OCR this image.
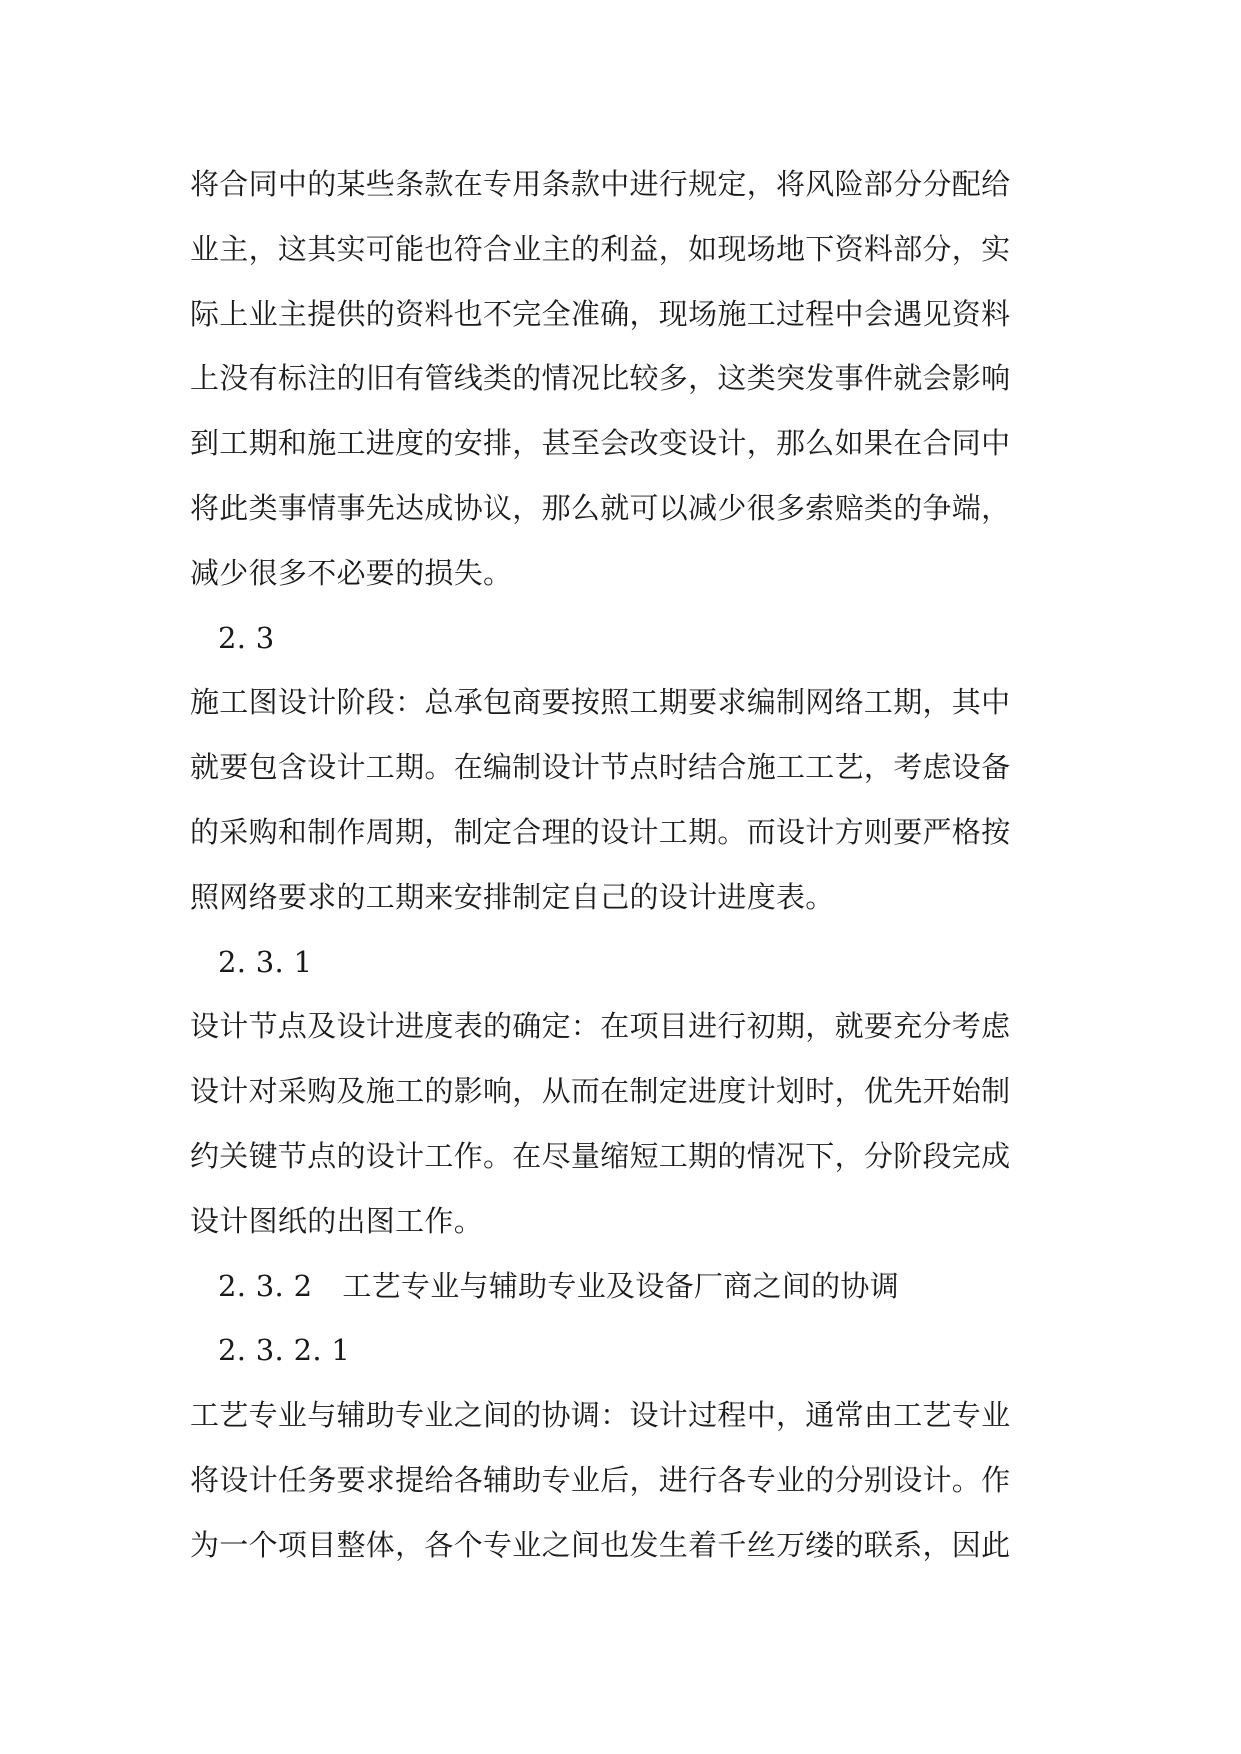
将合同中的某些条款在专用条款中进行规定，将风险部分分配给
业主，这其实可能也符合业主的利益，如现场地下资料部分，实
际上业主提供的资料也不完全准确，现场施工过程中会遇见资料
上没有标注的旧有管线类的情况比较多，这类突发事件就会影响
到工期和施工进度的安排，甚至会改变设计，那么如果在合同中
将此类事情事先达成协议，那么就可以减少很多索赔类的争端，
减少很多不必要的损失。
2. 3
施工图设计阶段：总承包商要按照工期要求编制网络工期，其中
就要包含设计工期。在编制设计节点时结合施工工艺，考虑设备
的采购和制作周期，制定合理的设计工期。而设计方则要严格按
照网络要求的工期来安排制定自己的设计进度表。
2. 3. 1
设计节点及设计进度表的确定：在项目进行初期，就要充分考虑
设计对采购及施工的影响，从而在制定进度计划时，优先开始制
约关键节点的设计工作。在尽量缩短工期的情况下，分阶段完成
设计图纸的出图工作。
2. 3. 2 工艺专业与辅助专业及设备厂商之间的协调
2. 3. 2. 1
工艺专业与辅助专业之间的协调：设计过程中，通常由工艺专业
将设计任务要求提给各辅助专业后，进行各专业的分别设计。作
为一个项目整体，各个专业之间也发生着千丝万缕的联系，因此
